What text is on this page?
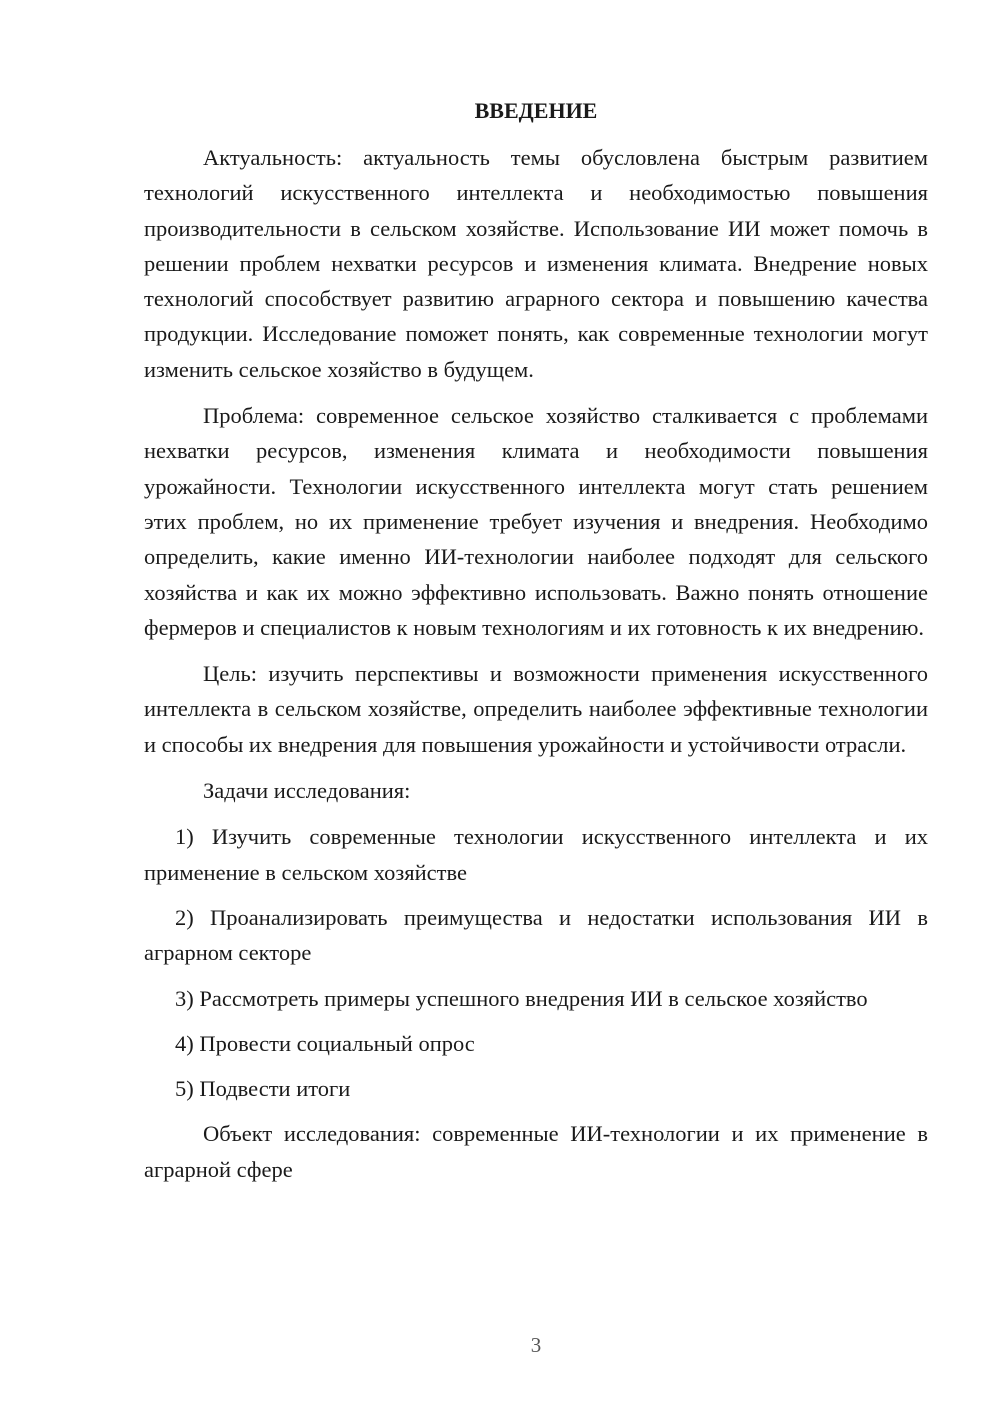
ВВЕДЕНИЕ

Актуальность: актуальность темы обусловлена быстрым развитием технологий искусственного интеллекта и необходимостью повышения производительности в сельском хозяйстве. Использование ИИ может помочь в решении проблем нехватки ресурсов и изменения климата. Внедрение новых технологий способствует развитию аграрного сектора и повышению качества продукции. Исследование поможет понять, как современные технологии могут изменить сельское хозяйство в будущем.

Проблема: современное сельское хозяйство сталкивается с проблемами нехватки ресурсов, изменения климата и необходимости повышения урожайности. Технологии искусственного интеллекта могут стать решением этих проблем, но их применение требует изучения и внедрения. Необходимо определить, какие именно ИИ-технологии наиболее подходят для сельского хозяйства и как их можно эффективно использовать. Важно понять отношение фермеров и специалистов к новым технологиям и их готовность к их внедрению.

Цель: изучить перспективы и возможности применения искусственного интеллекта в сельском хозяйстве, определить наиболее эффективные технологии и способы их внедрения для повышения урожайности и устойчивости отрасли.

Задачи исследования:

1) Изучить современные технологии искусственного интеллекта и их применение в сельском хозяйстве

2) Проанализировать преимущества и недостатки использования ИИ в аграрном секторе

3) Рассмотреть примеры успешного внедрения ИИ в сельское хозяйство

4) Провести социальный опрос

5) Подвести итоги

Объект исследования: современные ИИ-технологии и их применение в аграрной сфере

3
